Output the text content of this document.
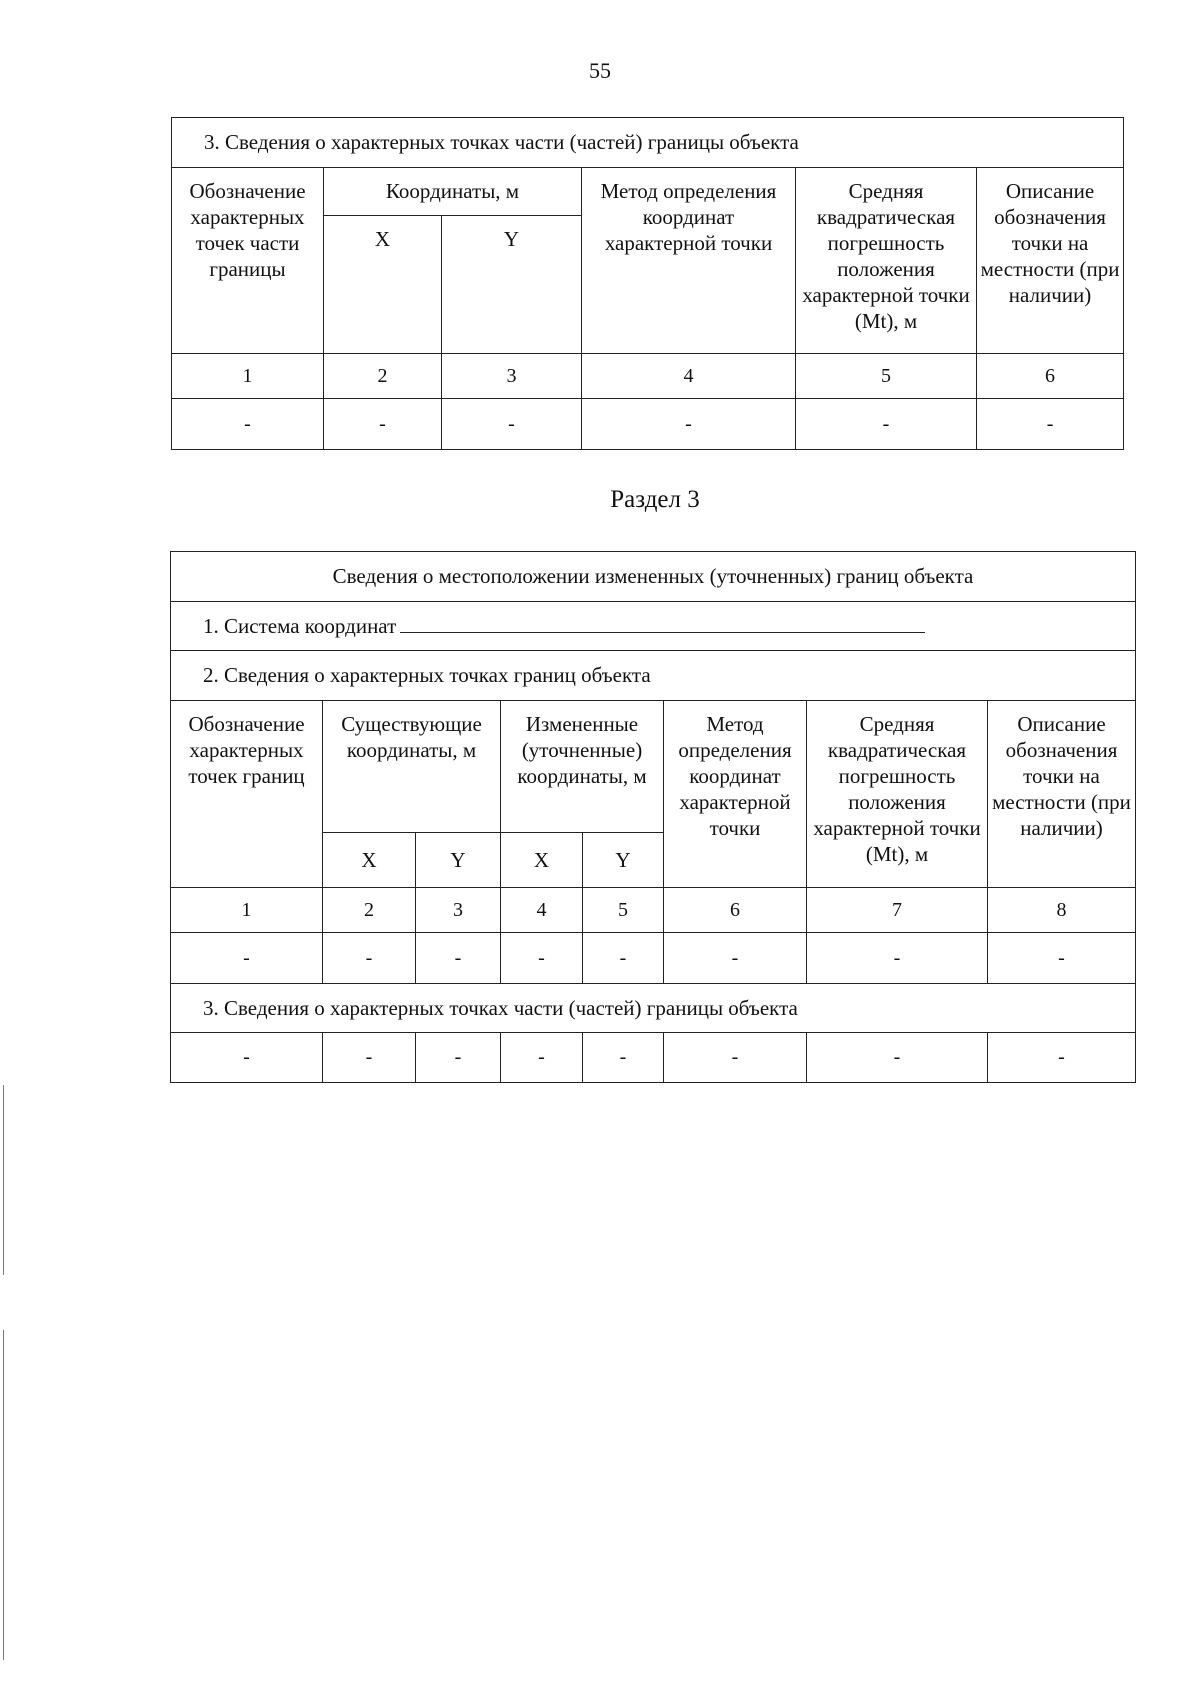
55
3. Сведения о характерных точках части (частей) границы объекта					
Обозначение характерных точек части границы	Координаты, м		Метод определения координат характерной точки	Средняя квадратическая погрешность положения характерной точки (Mt), м	Описание обозначения точки на местности (при наличии)
	X	Y			
1	2	3	4	5	6
-	-	-	-	-	-
Раздел 3
Сведения о местоположении измененных (уточненных) границ объекта							
1. Система координат							
2. Сведения о характерных точках границ объекта							
Обозначение характерных точек границ	Существующие координаты, м		Измененные (уточненные) координаты, м		Метод определения координат характерной точки	Средняя квадратическая погрешность положения характерной точки (Mt), м	Описание обозначения точки на местности (при наличии)
	X	Y	X	Y			
1	2	3	4	5	6	7	8
-	-	-	-	-	-	-	-
3. Сведения о характерных точках части (частей) границы объекта							
-	-	-	-	-	-	-	-
